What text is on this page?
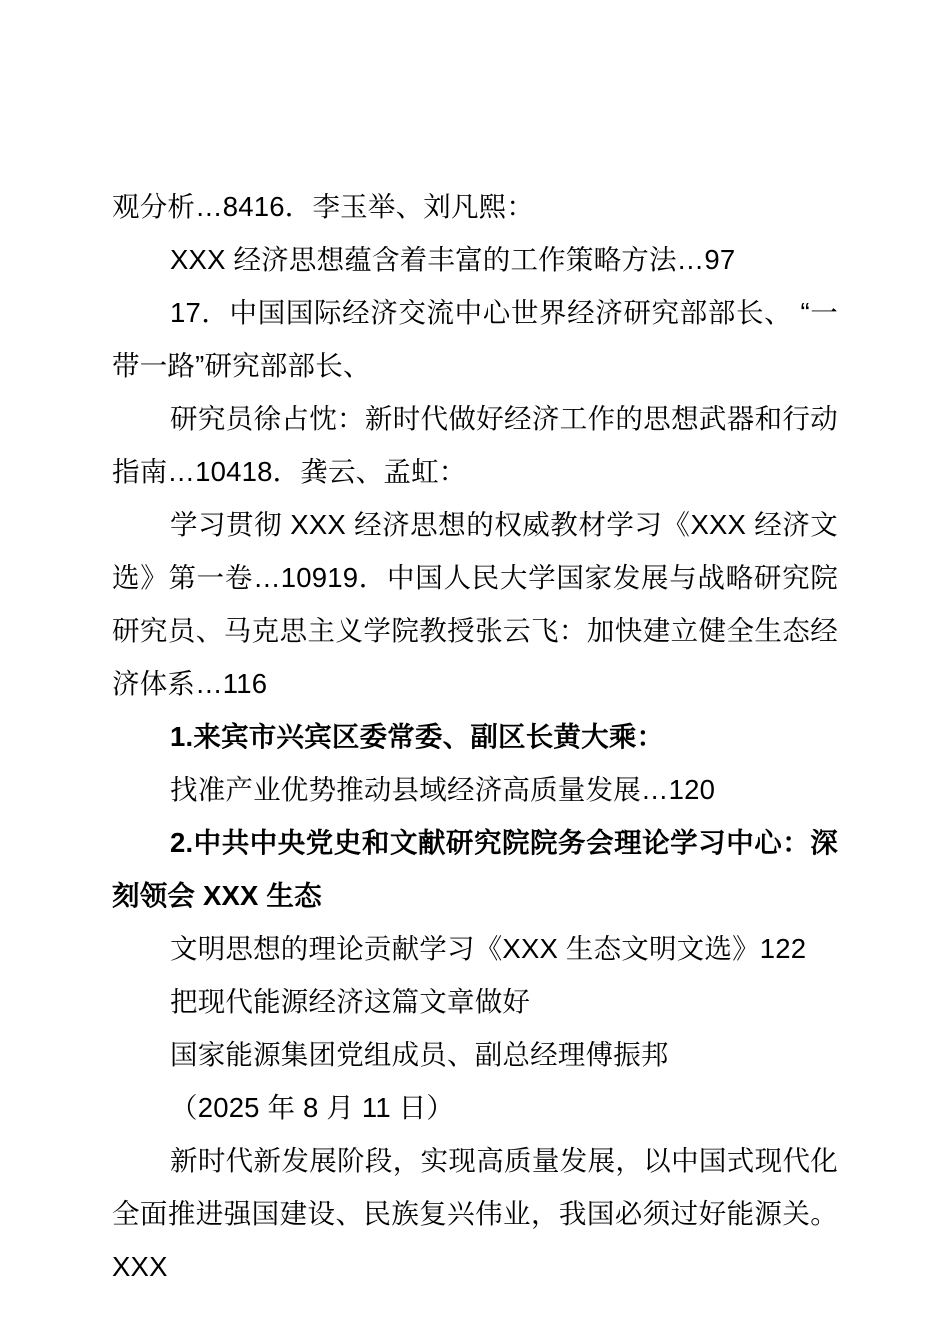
观分析…8416．李玉举、刘凡熙：

XXX 经济思想蕴含着丰富的工作策略方法…97

17．中国国际经济交流中心世界经济研究部部长、 “一带一路”研究部部长、

研究员徐占忱：新时代做好经济工作的思想武器和行动指南…10418．龚云、孟虹：

学习贯彻 XXX 经济思想的权威教材学习《XXX 经济文选》第一卷…10919．中国人民大学国家发展与战略研究院研究员、马克思主义学院教授张云飞：加快建立健全生态经济体系…116

1.来宾市兴宾区委常委、副区长黄大乘：

找准产业优势推动县域经济高质量发展…120

2.中共中央党史和文献研究院院务会理论学习中心：深刻领会 XXX 生态

文明思想的理论贡献学习《XXX 生态文明文选》122

把现代能源经济这篇文章做好

国家能源集团党组成员、副总经理傅振邦

（2025 年 8 月 11 日）

新时代新发展阶段，实现高质量发展，以中国式现代化全面推进强国建设、民族复兴伟业，我国必须过好能源关。XXX
